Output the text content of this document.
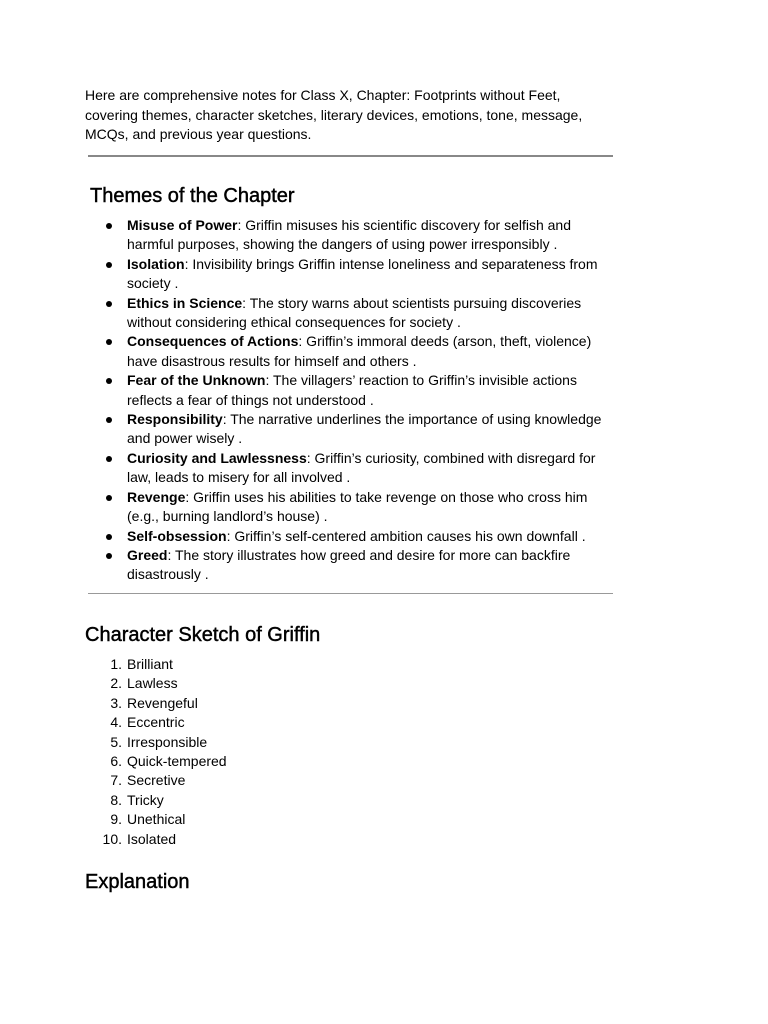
Here are comprehensive notes for Class X, Chapter: Footprints without Feet, covering themes, character sketches, literary devices, emotions, tone, message, MCQs, and previous year questions.

Themes of the Chapter
Misuse of Power: Griffin misuses his scientific discovery for selfish and harmful purposes, showing the dangers of using power irresponsibly .
Isolation: Invisibility brings Griffin intense loneliness and separateness from society .
Ethics in Science: The story warns about scientists pursuing discoveries without considering ethical consequences for society .
Consequences of Actions: Griffin’s immoral deeds (arson, theft, violence) have disastrous results for himself and others .
Fear of the Unknown: The villagers’ reaction to Griffin’s invisible actions reflects a fear of things not understood .
Responsibility: The narrative underlines the importance of using knowledge and power wisely .
Curiosity and Lawlessness: Griffin’s curiosity, combined with disregard for law, leads to misery for all involved .
Revenge: Griffin uses his abilities to take revenge on those who cross him (e.g., burning landlord’s house) .
Self-obsession: Griffin’s self-centered ambition causes his own downfall .
Greed: The story illustrates how greed and desire for more can backfire disastrously .
Character Sketch of Griffin
1. Brilliant
2. Lawless
3. Revengeful
4. Eccentric
5. Irresponsible
6. Quick-tempered
7. Secretive
8. Tricky
9. Unethical
10. Isolated
Explanation
